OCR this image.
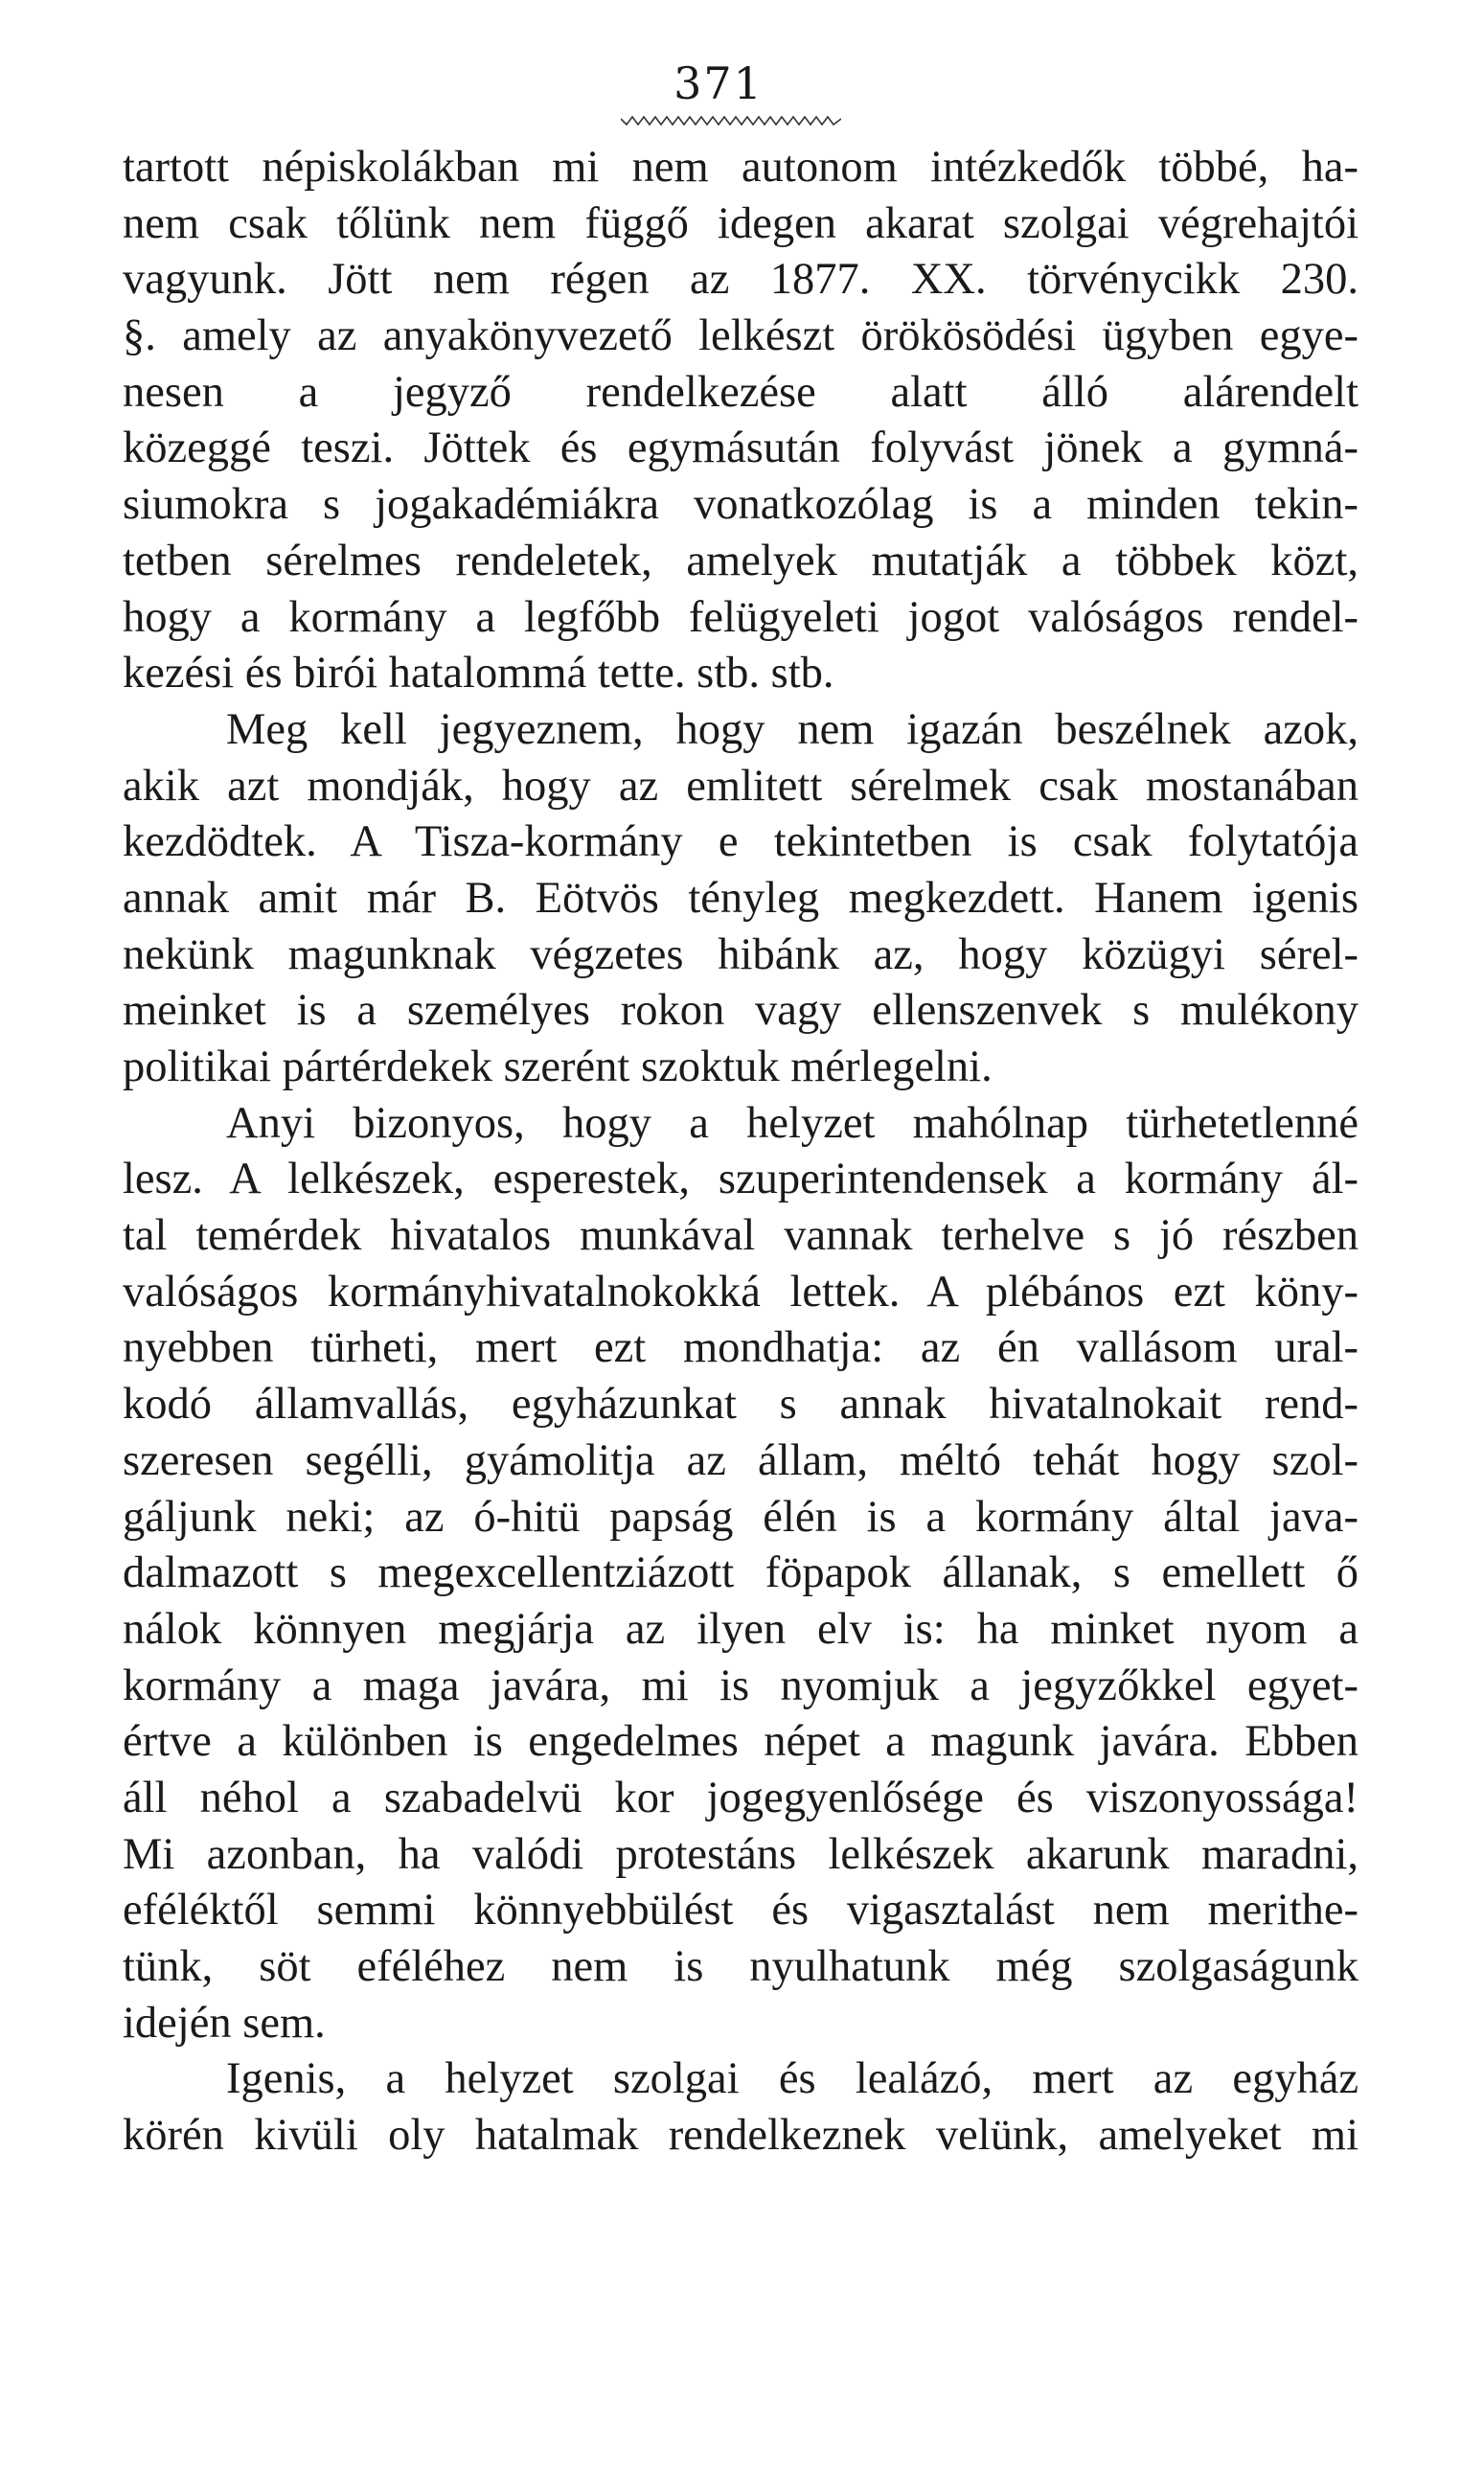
371
tartott népiskolákban mi nem autonom intézkedők többé, ha-
nem csak tőlünk nem függő idegen akarat szolgai végrehajtói
vagyunk. Jött nem régen az 1877. XX. törvénycikk 230.
§. amely az anyakönyvezető lelkészt örökösödési ügyben egye-
nesen a jegyző rendelkezése alatt álló alárendelt
közeggé teszi. Jöttek és egymásután folyvást jönek a gymná-
siumokra s jogakadémiákra vonatkozólag is a minden tekin-
tetben sérelmes rendeletek, amelyek mutatják a többek közt,
hogy a kormány a legfőbb felügyeleti jogot valóságos rendel-
kezési és birói hatalommá tette. stb. stb.
Meg kell jegyeznem, hogy nem igazán beszélnek azok,
akik azt mondják, hogy az emlitett sérelmek csak mostanában
kezdödtek. A Tisza-kormány e tekintetben is csak folytatója
annak amit már B. Eötvös tényleg megkezdett. Hanem igenis
nekünk magunknak végzetes hibánk az, hogy közügyi sérel-
meinket is a személyes rokon vagy ellenszenvek s mulékony
politikai pártérdekek szerént szoktuk mérlegelni.
Anyi bizonyos, hogy a helyzet mahólnap türhetetlenné
lesz. A lelkészek, esperestek, szuperintendensek a kormány ál-
tal temérdek hivatalos munkával vannak terhelve s jó részben
valóságos kormányhivatalnokokká lettek. A plébános ezt köny-
nyebben türheti, mert ezt mondhatja: az én vallásom ural-
kodó államvallás, egyházunkat s annak hivatalnokait rend-
szeresen segélli, gyámolitja az állam, méltó tehát hogy szol-
gáljunk neki; az ó-hitü papság élén is a kormány által java-
dalmazott s megexcellentziázott föpapok állanak, s emellett ő
nálok könnyen megjárja az ilyen elv is: ha minket nyom a
kormány a maga javára, mi is nyomjuk a jegyzőkkel egyet-
értve a különben is engedelmes népet a magunk javára. Ebben
áll néhol a szabadelvü kor jogegyenlősége és viszonyossága!
Mi azonban, ha valódi protestáns lelkészek akarunk maradni,
eféléktől semmi könnyebbülést és vigasztalást nem merithe-
tünk, söt eféléhez nem is nyulhatunk még szolgaságunk
idején sem.
Igenis, a helyzet szolgai és lealázó, mert az egyház
körén kivüli oly hatalmak rendelkeznek velünk, amelyeket mi
